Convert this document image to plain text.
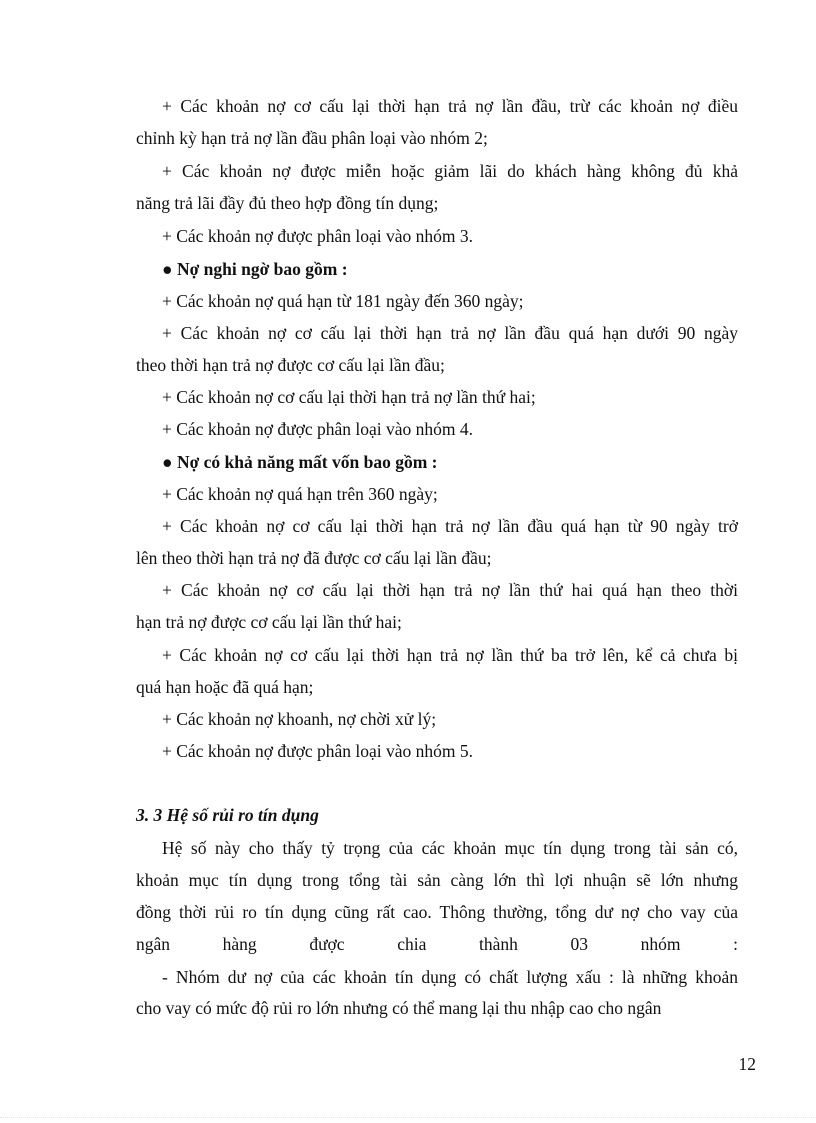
+ Các khoản nợ cơ cấu lại thời hạn trả nợ lần đầu, trừ các khoản nợ điều
chỉnh kỳ hạn trả nợ lần đầu phân loại vào nhóm 2;
+ Các khoản nợ được miễn hoặc giảm lãi do khách hàng không đủ khả
năng trả lãi đầy đủ theo hợp đồng tín dụng;
+ Các khoản nợ được phân loại vào nhóm 3.
● Nợ nghi ngờ bao gồm :
+ Các khoản nợ quá hạn từ 181 ngày đến 360 ngày;
+ Các khoản nợ cơ cấu lại thời hạn trả nợ lần đầu quá hạn dưới 90 ngày
theo thời hạn trả nợ được cơ cấu lại lần đầu;
+ Các khoản nợ cơ cấu lại thời hạn trả nợ lần thứ hai;
+ Các khoản nợ được phân loại vào nhóm 4.
● Nợ có khả năng mất vốn bao gồm :
+ Các khoản nợ quá hạn trên 360 ngày;
+ Các khoản nợ cơ cấu lại thời hạn trả nợ lần đầu quá hạn từ 90 ngày trở
lên theo thời hạn trả nợ đã được cơ cấu lại lần đầu;
+ Các khoản nợ cơ cấu lại thời hạn trả nợ lần thứ hai quá hạn theo thời
hạn trả nợ được cơ cấu lại lần thứ hai;
+ Các khoản nợ cơ cấu lại thời hạn trả nợ lần thứ ba trở lên, kể cả chưa bị
quá hạn hoặc đã quá hạn;
+ Các khoản nợ khoanh, nợ chời xử lý;
+ Các khoản nợ được phân loại vào nhóm 5.
3. 3 Hệ số rủi ro tín dụng
Hệ số này cho thấy tỷ trọng của các khoản mục tín dụng trong tài sản có,
khoản mục tín dụng trong tổng tài sản càng lớn thì lợi nhuận sẽ lớn nhưng
đồng thời rủi ro tín dụng cũng rất cao. Thông thường, tổng dư nợ cho vay của
ngân	hàng	được	chia	thành	03	nhóm	:
- Nhóm dư nợ của các khoản tín dụng có chất lượng xấu : là những khoản
cho vay có mức độ rủi ro lớn nhưng có thể mang lại thu nhập cao cho ngân
12
